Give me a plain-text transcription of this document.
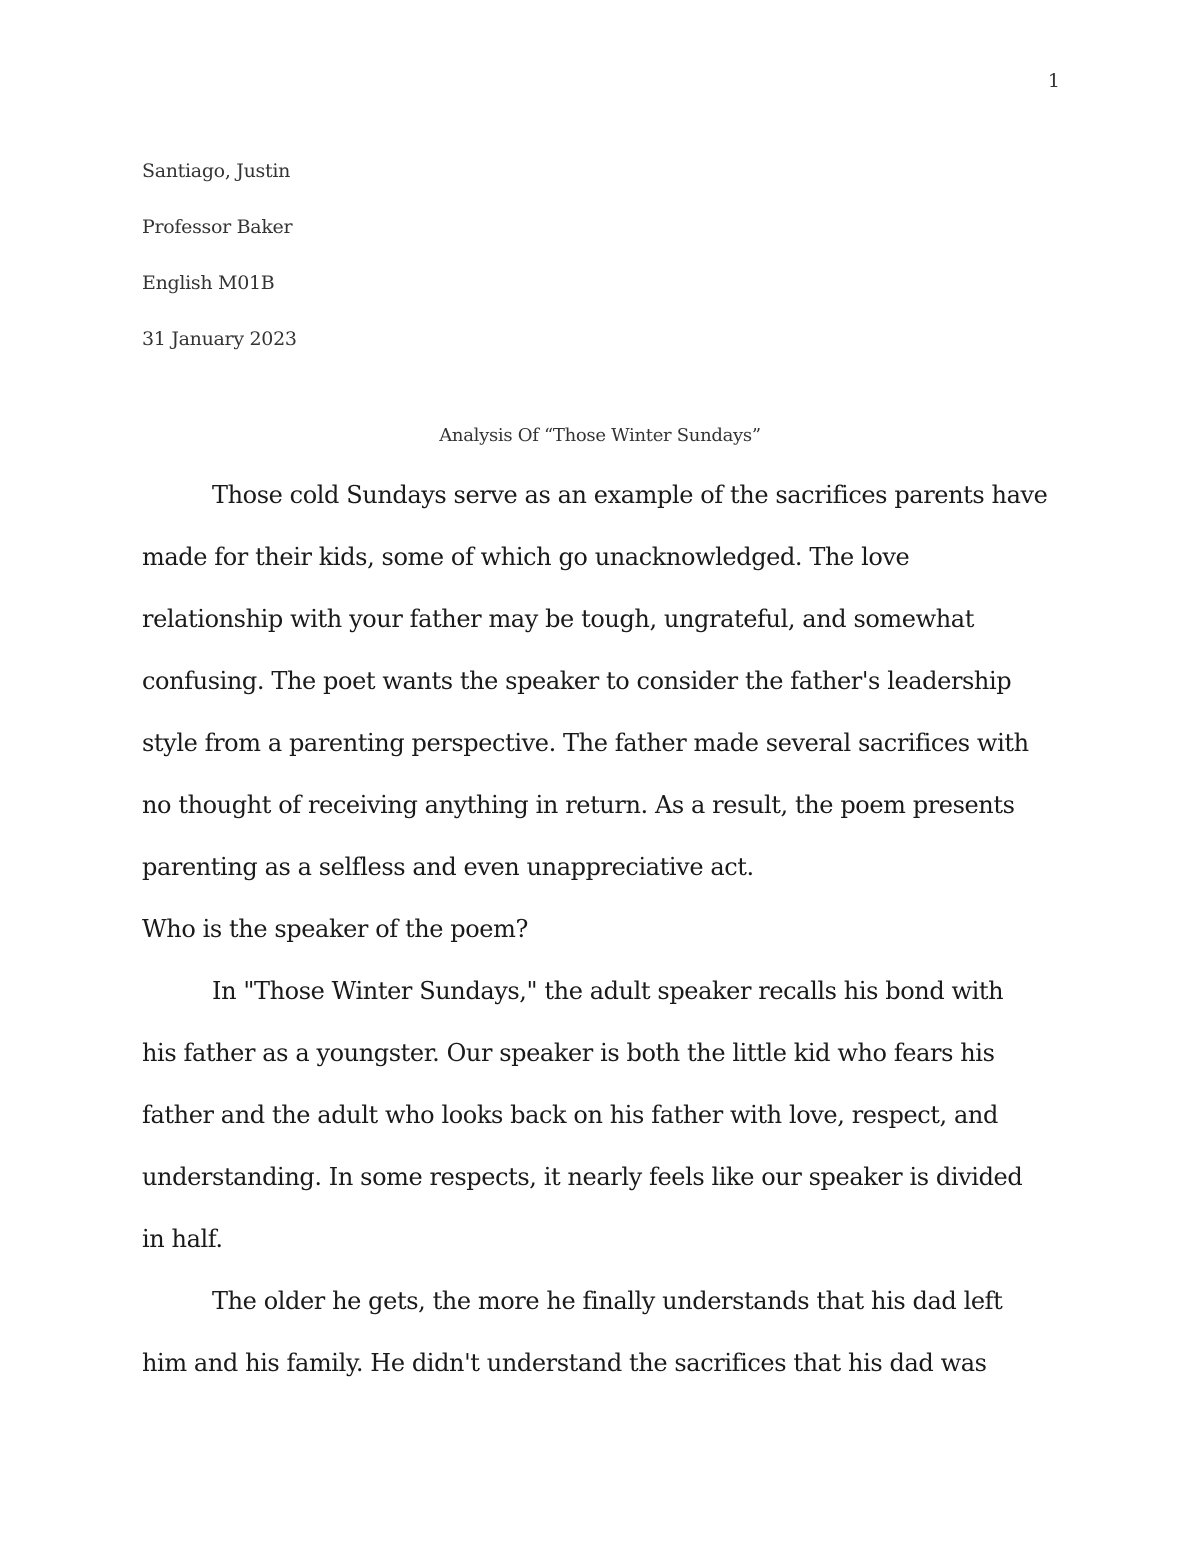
1
Santiago, Justin
Professor Baker
English M01B
31 January 2023
Analysis Of “Those Winter Sundays”
Those cold Sundays serve as an example of the sacrifices parents have
made for their kids, some of which go unacknowledged. The love
relationship with your father may be tough, ungrateful, and somewhat
confusing. The poet wants the speaker to consider the father's leadership
style from a parenting perspective. The father made several sacrifices with
no thought of receiving anything in return. As a result, the poem presents
parenting as a selfless and even unappreciative act.
Who is the speaker of the poem?
In "Those Winter Sundays," the adult speaker recalls his bond with
his father as a youngster. Our speaker is both the little kid who fears his
father and the adult who looks back on his father with love, respect, and
understanding. In some respects, it nearly feels like our speaker is divided
in half.
The older he gets, the more he finally understands that his dad left
him and his family. He didn't understand the sacrifices that his dad was
